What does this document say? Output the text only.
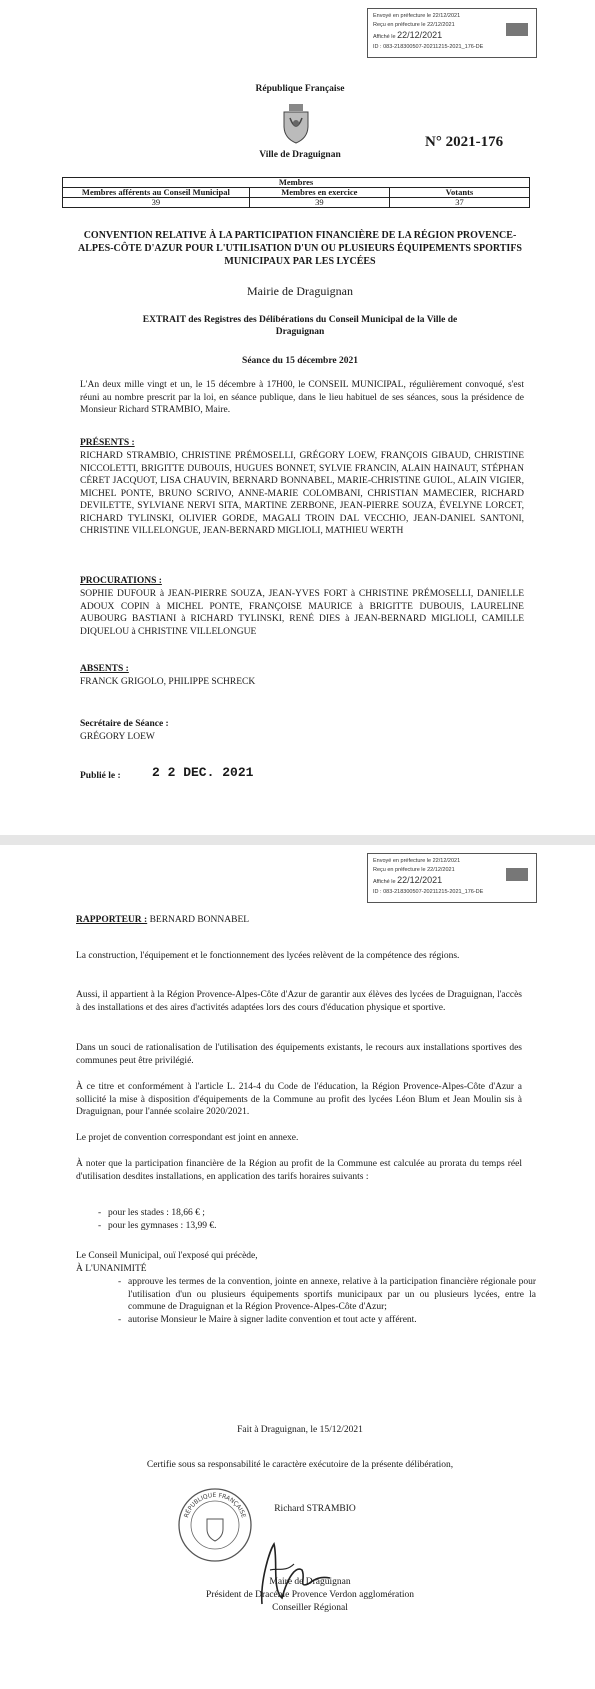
Envoyé en préfecture le 22/12/2021
Reçu en préfecture le 22/12/2021
Affiché le 22/12/2021
ID : 083-218300507-20211215-2021_176-DE
République Française
Ville de Draguignan
N° 2021-176
Membres		
Membres afférents au Conseil Municipal	Membres en exercice	Votants
39	39	37
CONVENTION RELATIVE À LA PARTICIPATION FINANCIÈRE DE LA RÉGION PROVENCE-ALPES-CÔTE D'AZUR POUR L'UTILISATION D'UN OU PLUSIEURS ÉQUIPEMENTS SPORTIFS MUNICIPAUX PAR LES LYCÉES
Mairie de Draguignan
EXTRAIT des Registres des Délibérations du Conseil Municipal de la Ville de Draguignan
Séance du 15 décembre 2021
L'An deux mille vingt et un, le 15 décembre à 17H00, le CONSEIL MUNICIPAL, régulièrement convoqué, s'est réuni au nombre prescrit par la loi, en séance publique, dans le lieu habituel de ses séances, sous la présidence de Monsieur Richard STRAMBIO, Maire.
PRÉSENTS :
RICHARD STRAMBIO, CHRISTINE PRÉMOSELLI, GRÉGORY LOEW, FRANÇOIS GIBAUD, CHRISTINE NICCOLETTI, BRIGITTE DUBOUIS, HUGUES BONNET, SYLVIE FRANCIN, ALAIN HAINAUT, STÉPHAN CÉRET JACQUOT, LISA CHAUVIN, BERNARD BONNABEL, MARIE-CHRISTINE GUIOL, ALAIN VIGIER, MICHEL PONTE, BRUNO SCRIVO, ANNE-MARIE COLOMBANI, CHRISTIAN MAMECIER, RICHARD DEVILETTE, SYLVIANE NERVI SITA, MARTINE ZERBONE, JEAN-PIERRE SOUZA, ÉVELYNE LORCET, RICHARD TYLINSKI, OLIVIER GORDE, MAGALI TROIN DAL VECCHIO, JEAN-DANIEL SANTONI, CHRISTINE VILLELONGUE, JEAN-BERNARD MIGLIOLI, MATHIEU WERTH
PROCURATIONS :
SOPHIE DUFOUR à JEAN-PIERRE SOUZA, JEAN-YVES FORT à CHRISTINE PRÉMOSELLI, DANIELLE ADOUX COPIN à MICHEL PONTE, FRANÇOISE MAURICE à BRIGITTE DUBOUIS, LAURELINE AUBOURG BASTIANI à RICHARD TYLINSKI, RENÉ DIES à JEAN-BERNARD MIGLIOLI, CAMILLE DIQUELOU à CHRISTINE VILLELONGUE
ABSENTS :
FRANCK GRIGOLO, PHILIPPE SCHRECK
Secrétaire de Séance :
GRÉGORY LOEW
Publié le : 2 2 DEC. 2021
Envoyé en préfecture le 22/12/2021
Reçu en préfecture le 22/12/2021
Affiché le 22/12/2021
ID : 083-218300507-20211215-2021_176-DE
RAPPORTEUR : BERNARD BONNABEL
La construction, l'équipement et le fonctionnement des lycées relèvent de la compétence des régions.
Aussi, il appartient à la Région Provence-Alpes-Côte d'Azur de garantir aux élèves des lycées de Draguignan, l'accès à des installations et des aires d'activités adaptées lors des cours d'éducation physique et sportive.
Dans un souci de rationalisation de l'utilisation des équipements existants, le recours aux installations sportives des communes peut être privilégié.
À ce titre et conformément à l'article L. 214-4 du Code de l'éducation, la Région Provence-Alpes-Côte d'Azur a sollicité la mise à disposition d'équipements de la Commune au profit des lycées Léon Blum et Jean Moulin sis à Draguignan, pour l'année scolaire 2020/2021.
Le projet de convention correspondant est joint en annexe.
À noter que la participation financière de la Région au profit de la Commune est calculée au prorata du temps réel d'utilisation desdites installations, en application des tarifs horaires suivants :
- pour les stades : 18,66 € ;
- pour les gymnases : 13,99 €.
Le Conseil Municipal, ouï l'exposé qui précède,
À L'UNANIMITÉ
- approuve les termes de la convention, jointe en annexe, relative à la participation financière régionale pour l'utilisation d'un ou plusieurs équipements sportifs municipaux par un ou plusieurs lycées, entre la commune de Draguignan et la Région Provence-Alpes-Côte d'Azur;
- autorise Monsieur le Maire à signer ladite convention et tout acte y afférent.
Fait à Draguignan, le 15/12/2021
Certifie sous sa responsabilité le caractère exécutoire de la présente délibération,
RÉPUBLIQUE FRANÇAISE
Richard STRAMBIO
Maire de Draguignan
Président de Dracénie Provence Verdon agglomération
Conseiller Régional
